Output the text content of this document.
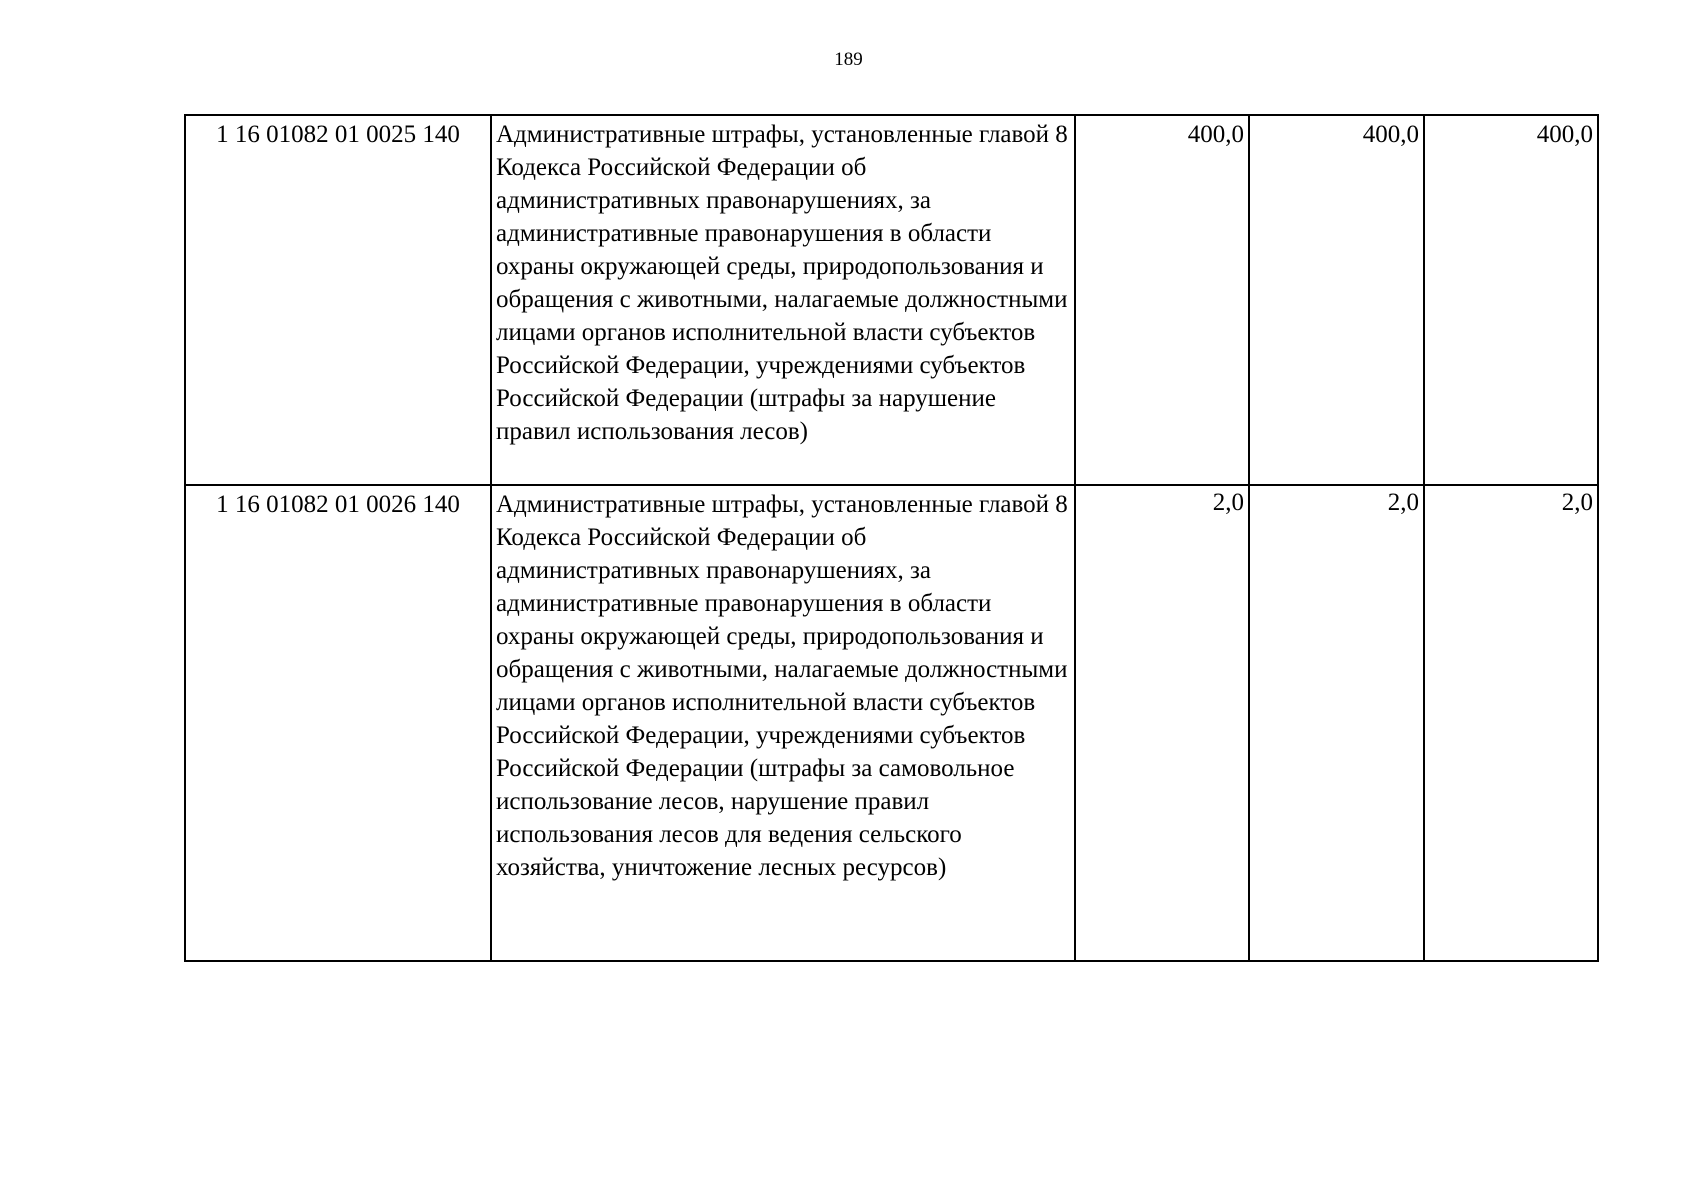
189
1 16 01082 01 0025 140	Административные штрафы, установленные главой 8 Кодекса Российской Федерации об административных правонарушениях, за административные правонарушения в области охраны окружающей среды, природопользования и обращения с животными, налагаемые должностными лицами органов исполнительной власти субъектов Российской Федерации, учреждениями субъектов Российской Федерации (штрафы за нарушение правил использования лесов)	400,0	400,0	400,0
1 16 01082 01 0026 140	Административные штрафы, установленные главой 8 Кодекса Российской Федерации об административных правонарушениях, за административные правонарушения в области охраны окружающей среды, природопользования и обращения с животными, налагаемые должностными лицами органов исполнительной власти субъектов Российской Федерации, учреждениями субъектов Российской Федерации (штрафы за самовольное использование лесов, нарушение правил использования лесов для ведения сельского хозяйства, уничтожение лесных ресурсов)	2,0	2,0	2,0
